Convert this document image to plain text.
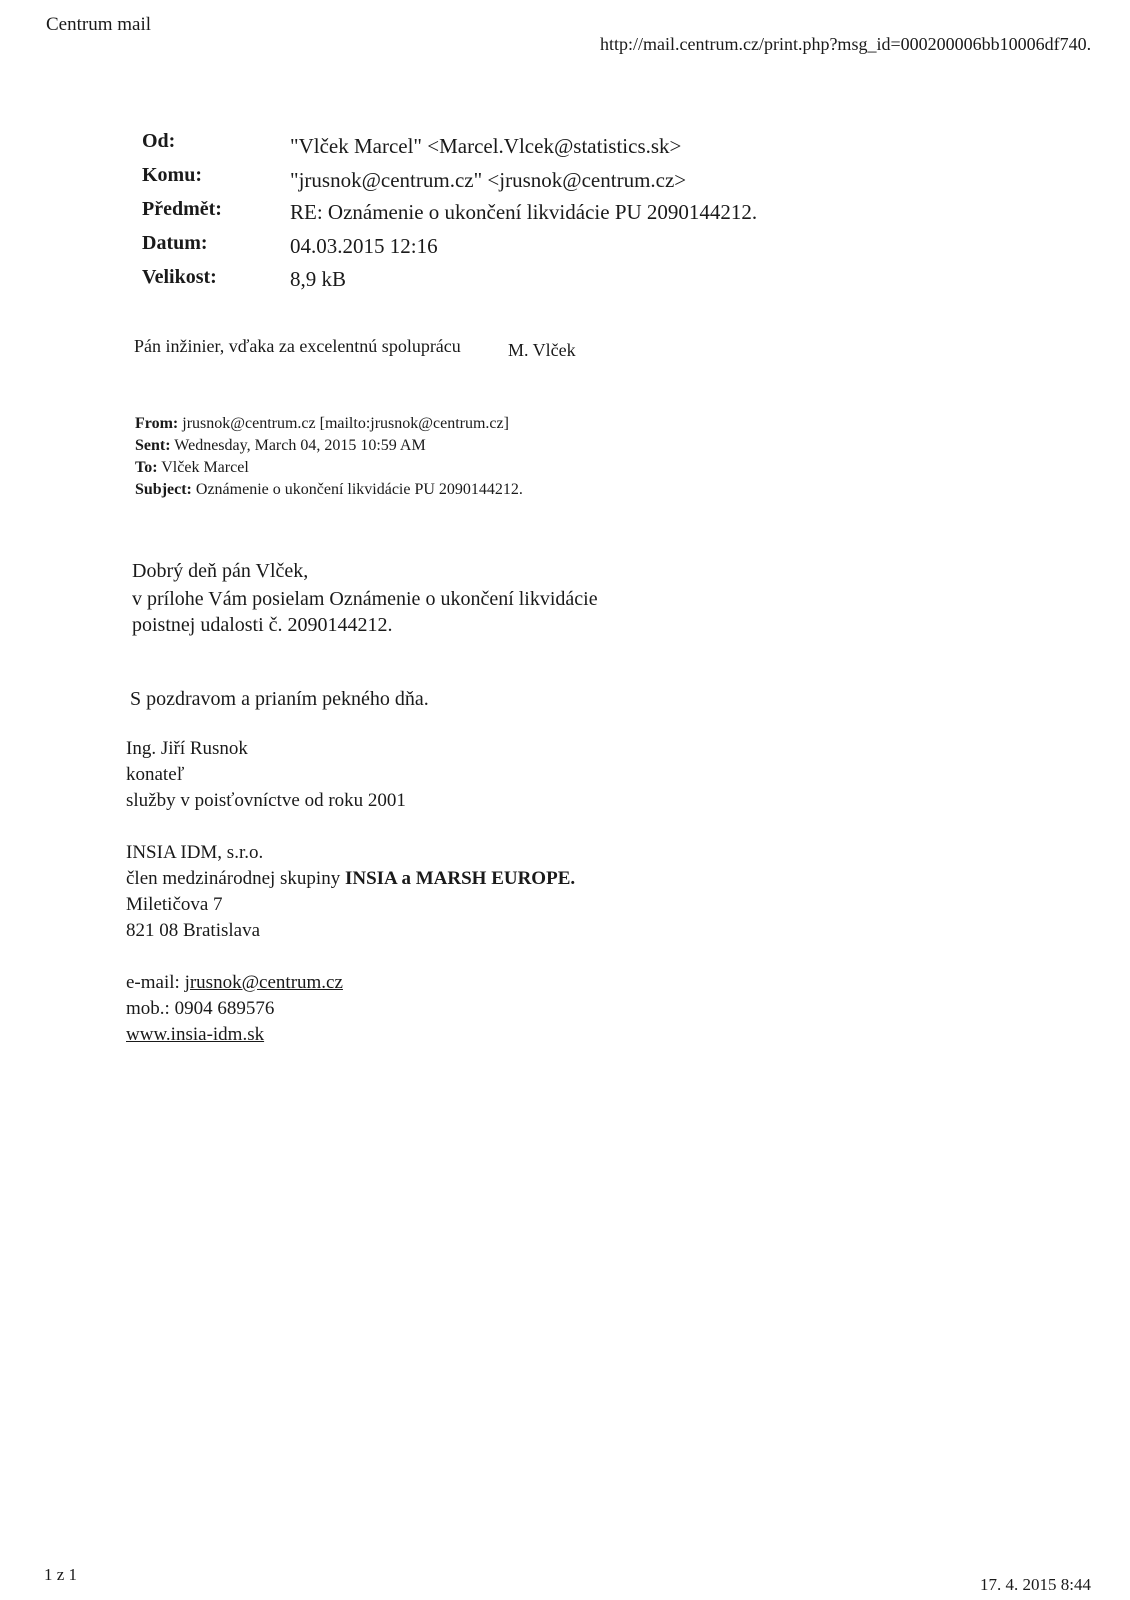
Centrum mail
http://mail.centrum.cz/print.php?msg_id=000200006bb10006df740.
Od:	"Vlček Marcel" <Marcel.Vlcek@statistics.sk>
Komu:	"jrusnok@centrum.cz" <jrusnok@centrum.cz>
Předmět:	RE: Oznámenie o ukončení likvidácie PU 2090144212.
Datum:	04.03.2015 12:16
Velikost:	8,9 kB
Pán inžinier, vďaka za excelentnú spoluprácu	M. Vlček
From: jrusnok@centrum.cz [mailto:jrusnok@centrum.cz]
Sent: Wednesday, March 04, 2015 10:59 AM
To: Vlček Marcel
Subject: Oznámenie o ukončení likvidácie PU 2090144212.
Dobrý deň pán Vlček,
v prílohe Vám posielam Oznámenie o ukončení likvidácie
poistnej udalosti č. 2090144212.
S pozdravom a prianím pekného dňa.
Ing. Jiří Rusnok
konateľ
služby v poisťovníctve od roku 2001
INSIA IDM, s.r.o.
člen medzinárodnej skupiny INSIA a MARSH EUROPE.
Miletičova 7
821 08 Bratislava
e-mail: jrusnok@centrum.cz
mob.: 0904 689576
www.insia-idm.sk
1 z 1
17. 4. 2015 8:44
